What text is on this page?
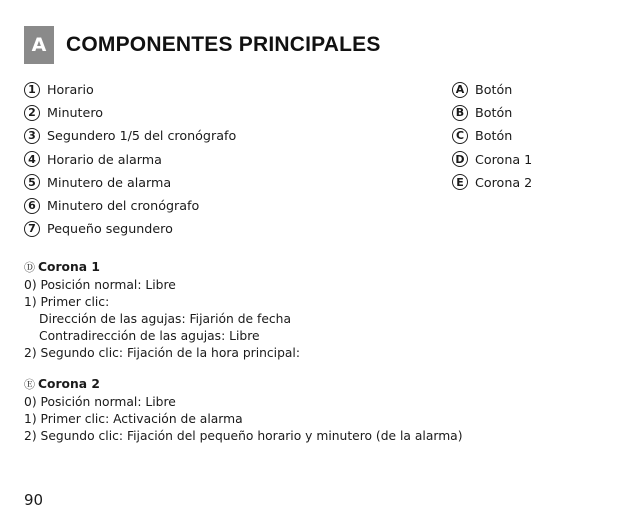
A COMPONENTES PRINCIPALES
1 Horario
2 Minutero
3 Segundero 1/5 del cronógrafo
4 Horario de alarma
5 Minutero de alarma
6 Minutero del cronógrafo
7 Pequeño segundero
A Botón
B Botón
C Botón
D Corona 1
E Corona 2
Ⓓ Corona 1
0) Posición normal: Libre
1) Primer clic:
Dirección de las agujas: Fijarión de fecha
Contradirección de las agujas: Libre
2) Segundo clic: Fijación de la hora principal:
Ⓔ Corona 2
0) Posición normal: Libre
1) Primer clic: Activación de alarma
2) Segundo clic: Fijación del pequeño horario y minutero (de la alarma)
90
